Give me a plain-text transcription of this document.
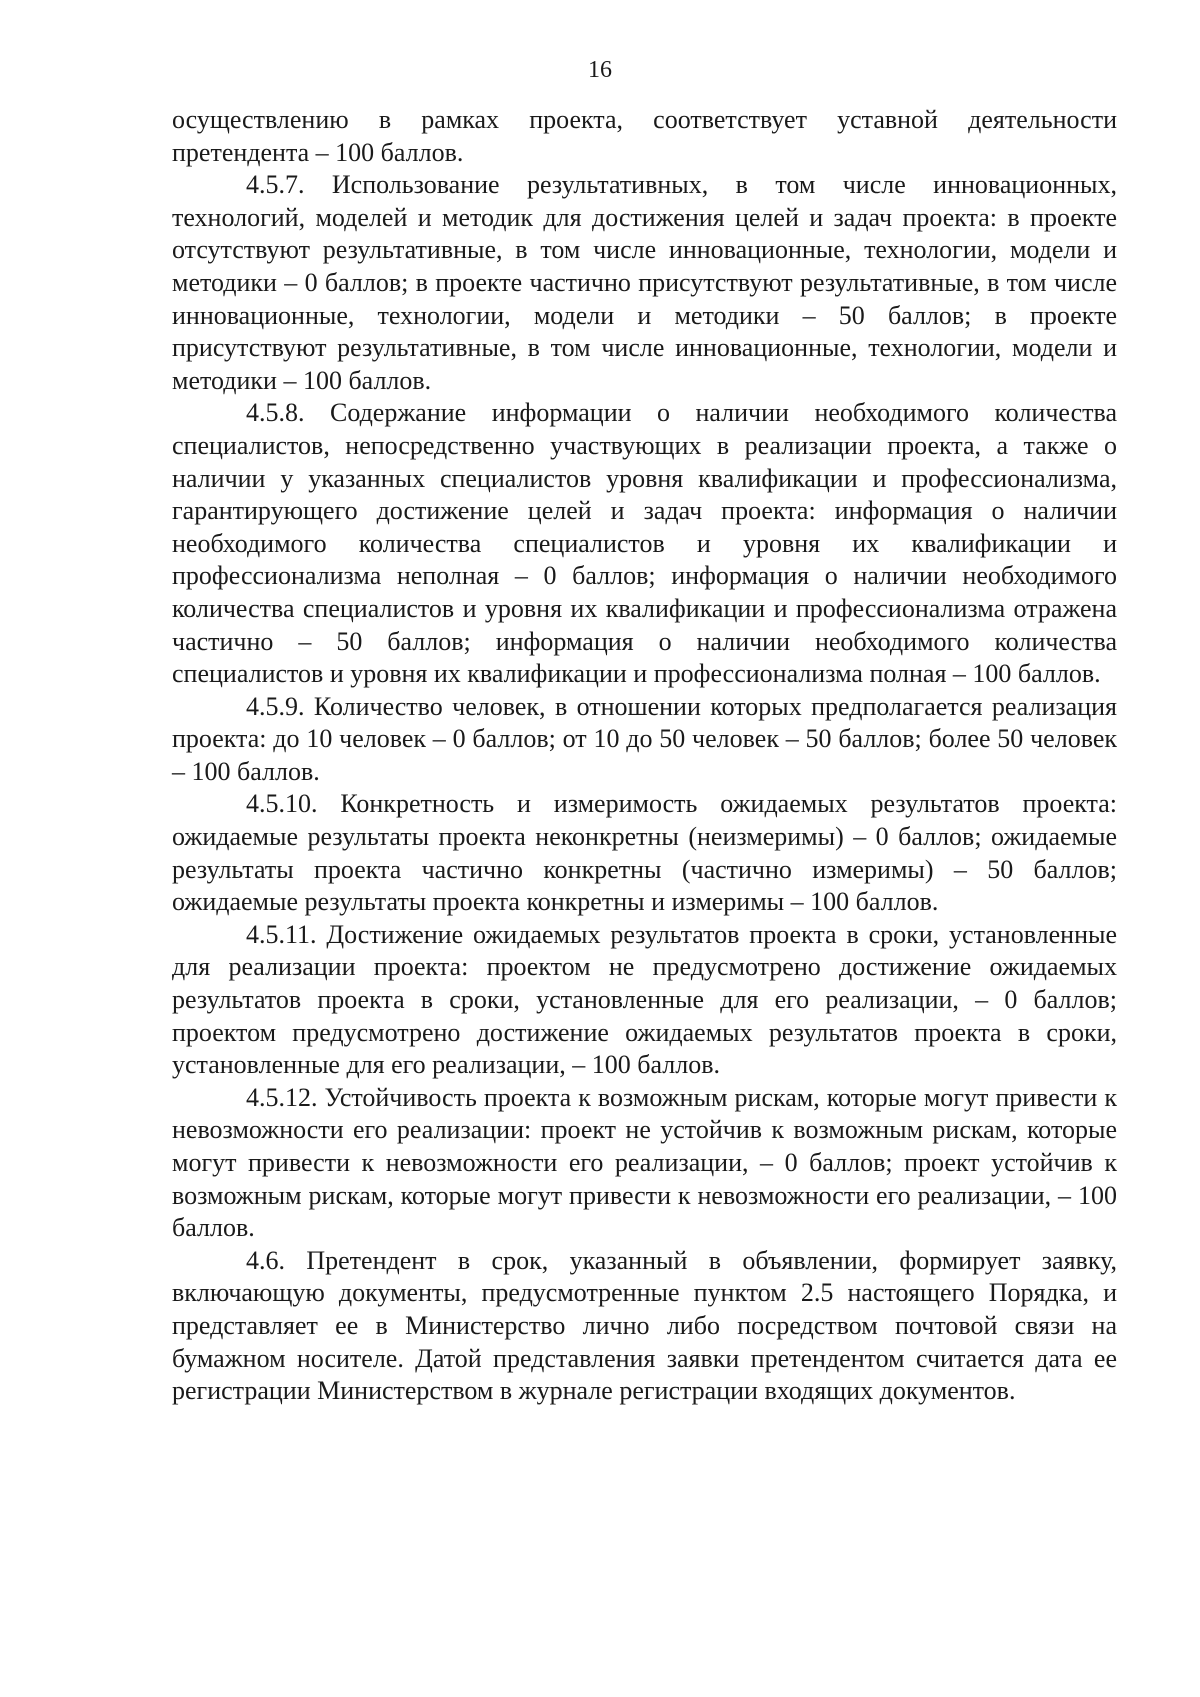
16

осуществлению в рамках проекта, соответствует уставной деятельности претендента – 100 баллов.

4.5.7. Использование результативных, в том числе инновационных, технологий, моделей и методик для достижения целей и задач проекта: в проекте отсутствуют результативные, в том числе инновационные, технологии, модели и методики – 0 баллов; в проекте частично присутствуют результативные, в том числе инновационные, технологии, модели и методики – 50 баллов; в проекте присутствуют результативные, в том числе инновационные, технологии, модели и методики – 100 баллов.

4.5.8. Содержание информации о наличии необходимого количества специалистов, непосредственно участвующих в реализации проекта, а также о наличии у указанных специалистов уровня квалификации и профессионализма, гарантирующего достижение целей и задач проекта: информация о наличии необходимого количества специалистов и уровня их квалификации и профессионализма неполная – 0 баллов; информация о наличии необходимого количества специалистов и уровня их квалификации и профессионализма отражена частично – 50 баллов; информация о наличии необходимого количества специалистов и уровня их квалификации и профессионализма полная – 100 баллов.

4.5.9. Количество человек, в отношении которых предполагается реализация проекта: до 10 человек – 0 баллов; от 10 до 50 человек – 50 баллов; более 50 человек – 100 баллов.

4.5.10. Конкретность и измеримость ожидаемых результатов проекта: ожидаемые результаты проекта неконкретны (неизмеримы) – 0 баллов; ожидаемые результаты проекта частично конкретны (частично измеримы) – 50 баллов; ожидаемые результаты проекта конкретны и измеримы – 100 баллов.

4.5.11. Достижение ожидаемых результатов проекта в сроки, установленные для реализации проекта: проектом не предусмотрено достижение ожидаемых результатов проекта в сроки, установленные для его реализации, – 0 баллов; проектом предусмотрено достижение ожидаемых результатов проекта в сроки, установленные для его реализации, – 100 баллов.

4.5.12. Устойчивость проекта к возможным рискам, которые могут привести к невозможности его реализации: проект не устойчив к возможным рискам, которые могут привести к невозможности его реализации, – 0 баллов; проект устойчив к возможным рискам, которые могут привести к невозможности его реализации, – 100 баллов.

4.6. Претендент в срок, указанный в объявлении, формирует заявку, включающую документы, предусмотренные пунктом 2.5 настоящего Порядка, и представляет ее в Министерство лично либо посредством почтовой связи на бумажном носителе. Датой представления заявки претендентом считается дата ее регистрации Министерством в журнале регистрации входящих документов.
